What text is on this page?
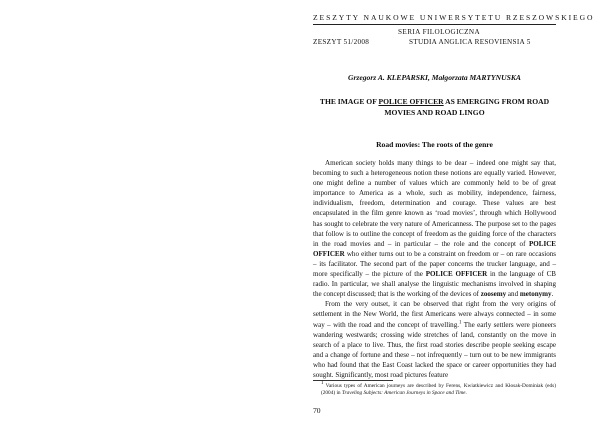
ZESZYTY NAUKOWE UNIWERSYTETU RZESZOWSKIEGO
SERIA FILOLOGICZNA
ZESZYT 51/2008	STUDIA ANGLICA RESOVIENSIA 5
Grzegorz A. KLEPARSKI, Małgorzata MARTYNUSKA
THE IMAGE OF POLICE OFFICER AS EMERGING FROM ROAD MOVIES AND ROAD LINGO
Road movies: The roots of the genre

American society holds many things to be dear – indeed one might say that, becoming to such a heterogeneous notion these notions are equally varied. However, one might define a number of values which are commonly held to be of great importance to America as a whole, such as mobility, independence, fairness, individualism, freedom, determination and courage. These values are best encapsulated in the film genre known as ‘road movies’, through which Hollywood has sought to celebrate the very nature of Americanness. The purpose set to the pages that follow is to outline the concept of freedom as the guiding force of the characters in the road movies and – in particular – the role and the concept of POLICE OFFICER who either turns out to be a constraint on freedom or – on rare occasions – its facilitator. The second part of the paper concerns the trucker language, and – more specifically – the picture of the POLICE OFFICER in the language of CB radio. In particular, we shall analyse the linguistic mechanisms involved in shaping the concept discussed; that is the working of the devices of zoosemy and metonymy.

From the very outset, it can be observed that right from the very origins of settlement in the New World, the first Americans were always connected – in some way – with the road and the concept of travelling.$^1$ The early settlers were pioneers wandering westwards; crossing wide stretches of land, constantly on the move in search of a place to live. Thus, the first road stories describe people seeking escape and a change of fortune and these – not infrequently – turn out to be new immigrants who had found that the East Coast lacked the space or career opportunities they had sought. Significantly, most road pictures feature

$^1$ Various types of American journeys are described by Ferens, Kwiatkiewicz and Kłosak-Dominiak (eds) (2004) in Traveling Subjects: American Journeys in Space and Time.
70
